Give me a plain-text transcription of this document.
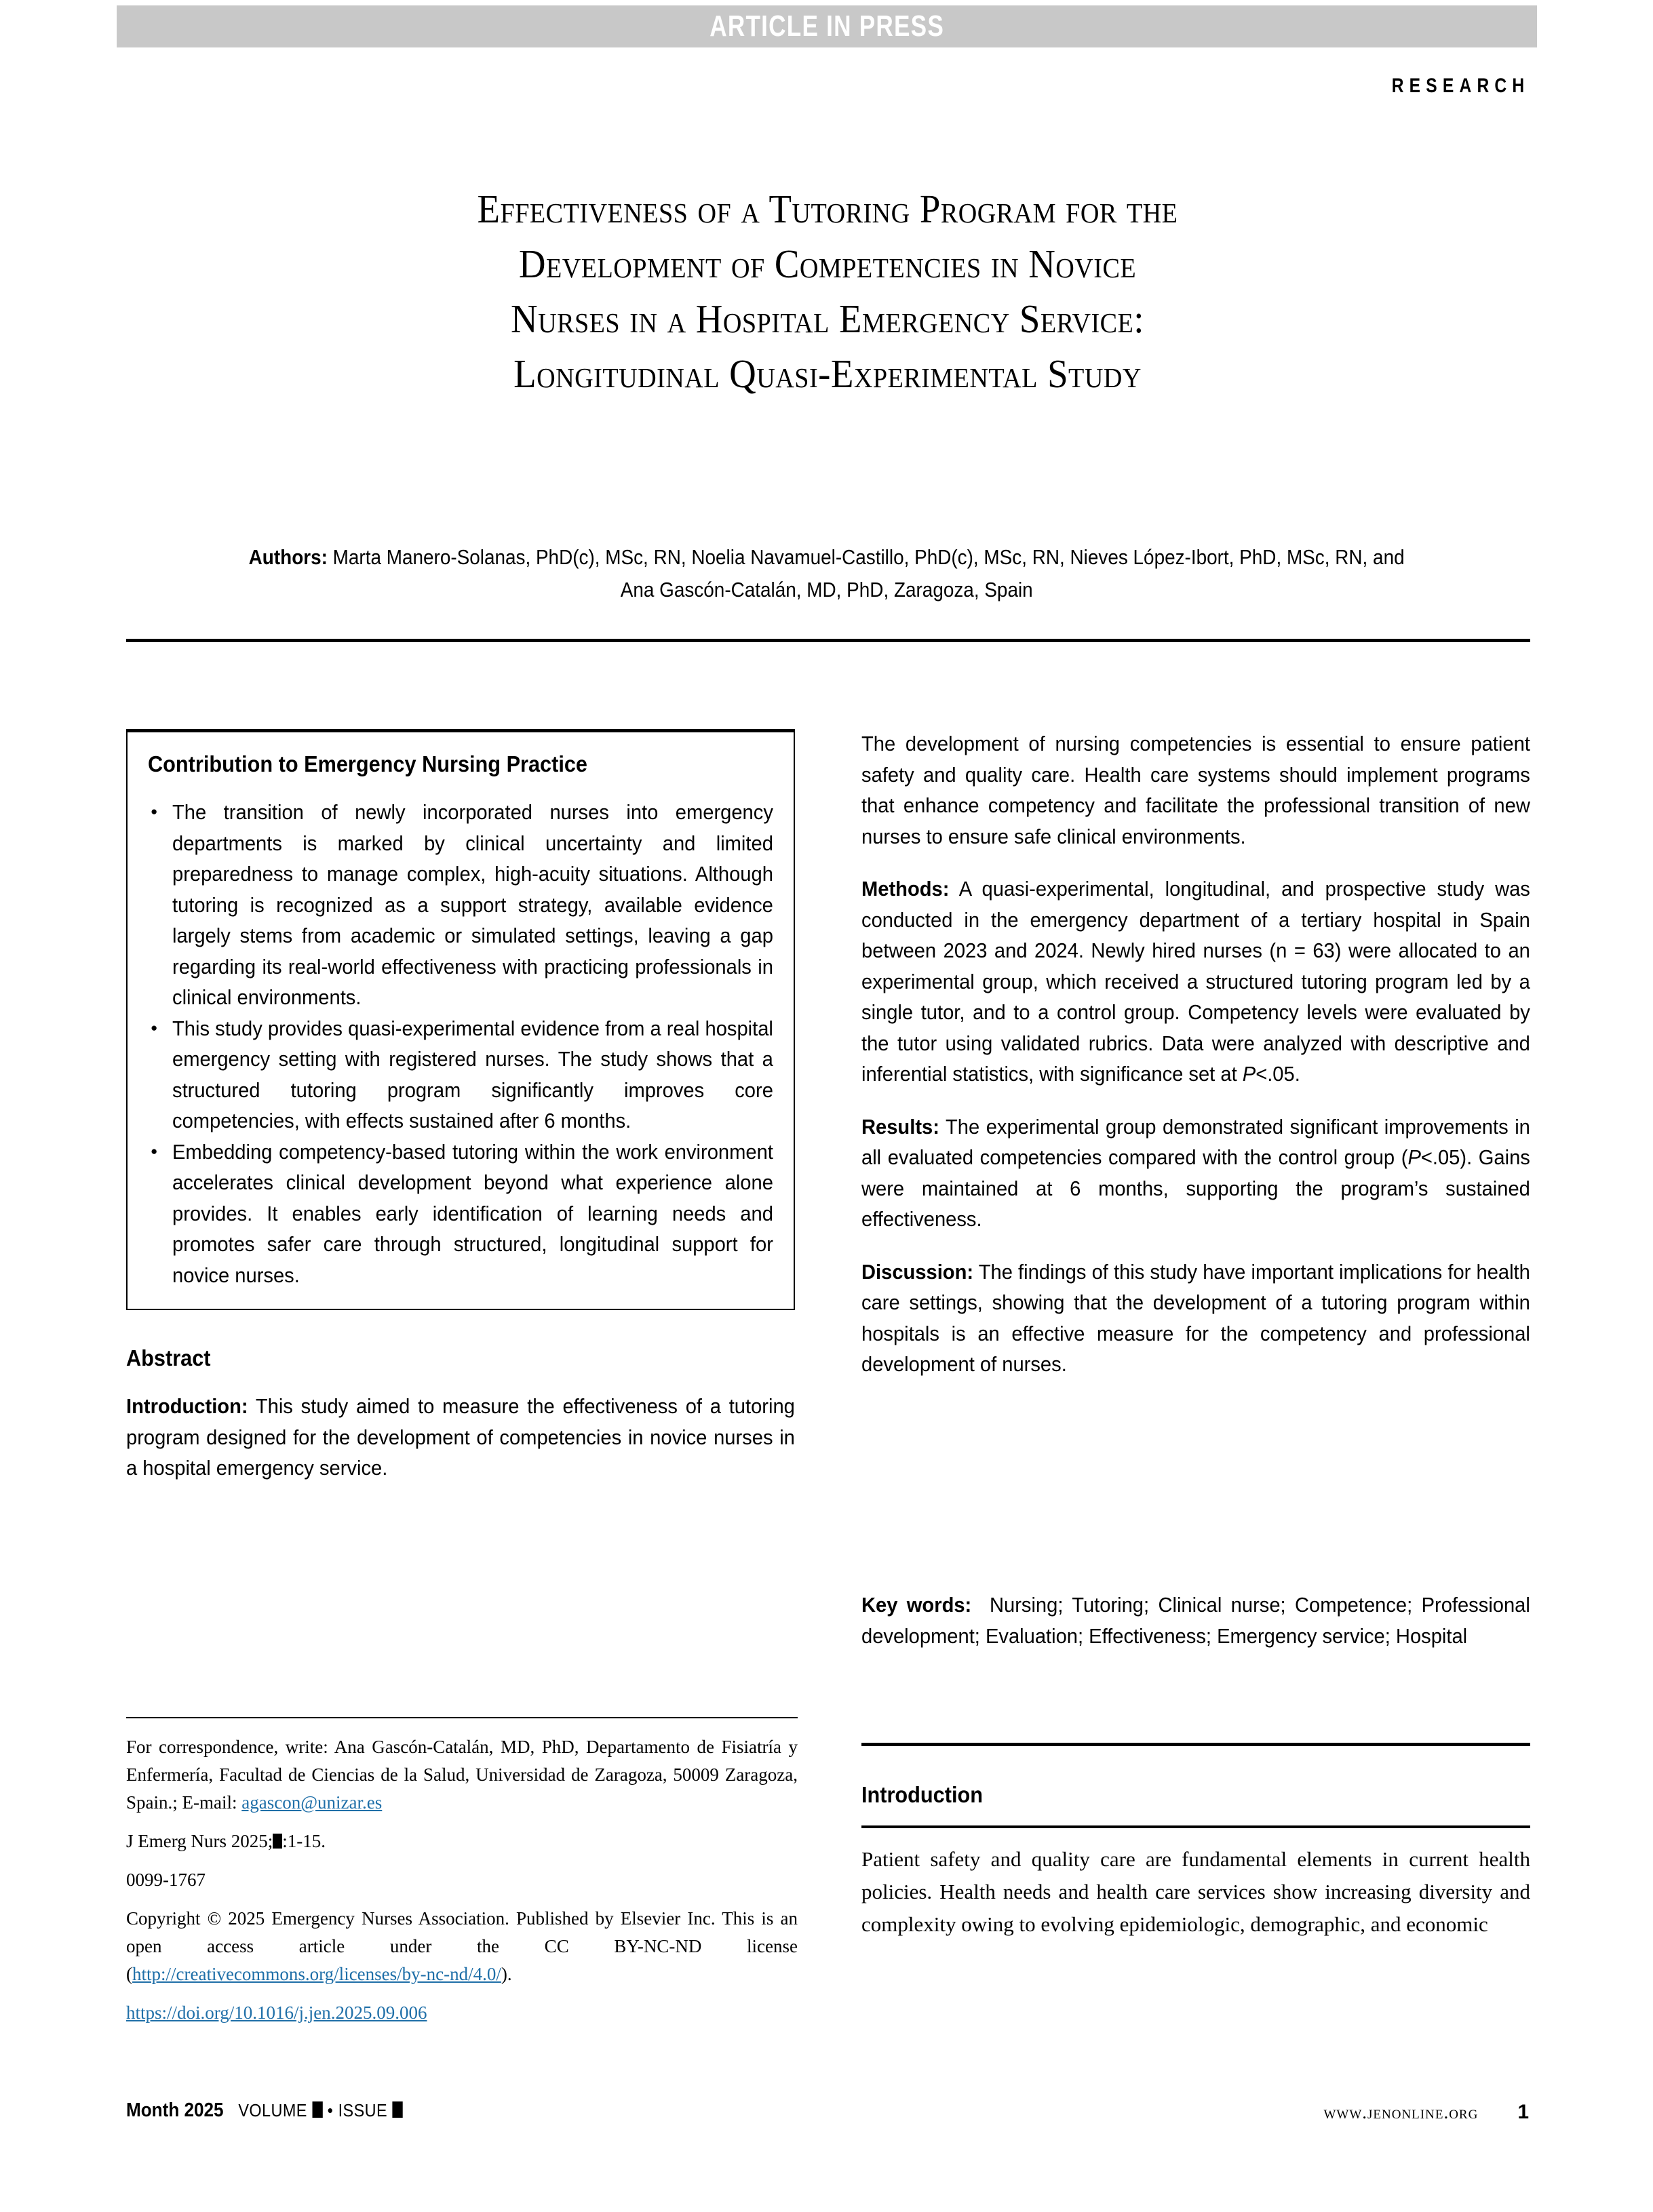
ARTICLE IN PRESS
RESEARCH
Effectiveness of a Tutoring Program for the
Development of Competencies in Novice
Nurses in a Hospital Emergency Service:
Longitudinal Quasi-Experimental Study
Authors: Marta Manero-Solanas, PhD(c), MSc, RN, Noelia Navamuel-Castillo, PhD(c), MSc, RN, Nieves López-Ibort, PhD, MSc, RN, and
Ana Gascón-Catalán, MD, PhD, Zaragoza, Spain
Contribution to Emergency Nursing Practice
● The transition of newly incorporated nurses into emergency departments is marked by clinical uncertainty and limited preparedness to manage complex, high-acuity situations. Although tutoring is recognized as a support strategy, available evidence largely stems from academic or simulated settings, leaving a gap regarding its real-world effectiveness with practicing professionals in clinical environments.
● This study provides quasi-experimental evidence from a real hospital emergency setting with registered nurses. The study shows that a structured tutoring program significantly improves core competencies, with effects sustained after 6 months.
● Embedding competency-based tutoring within the work environment accelerates clinical development beyond what experience alone provides. It enables early identification of learning needs and promotes safer care through structured, longitudinal support for novice nurses.
Abstract
Introduction: This study aimed to measure the effectiveness of a tutoring program designed for the development of competencies in novice nurses in a hospital emergency service.

For correspondence, write: Ana Gascón-Catalán, MD, PhD, Departamento de Fisiatría y Enfermería, Facultad de Ciencias de la Salud, Universidad de Zaragoza, 50009 Zaragoza, Spain.; E-mail: agascon@unizar.es

J Emerg Nurs 2025; :1-15.

0099-1767

Copyright © 2025 Emergency Nurses Association. Published by Elsevier Inc. This is an open access article under the CC BY-NC-ND license (http://creativecommons.org/licenses/by-nc-nd/4.0/).

https://doi.org/10.1016/j.jen.2025.09.006

The development of nursing competencies is essential to ensure patient safety and quality care. Health care systems should implement programs that enhance competency and facilitate the professional transition of new nurses to ensure safe clinical environments.

Methods: A quasi-experimental, longitudinal, and prospective study was conducted in the emergency department of a tertiary hospital in Spain between 2023 and 2024. Newly hired nurses (n = 63) were allocated to an experimental group, which received a structured tutoring program led by a single tutor, and to a control group. Competency levels were evaluated by the tutor using validated rubrics. Data were analyzed with descriptive and inferential statistics, with significance set at P<.05.

Results: The experimental group demonstrated significant improvements in all evaluated competencies compared with the control group (P<.05). Gains were maintained at 6 months, supporting the program’s sustained effectiveness.

Discussion: The findings of this study have important implications for health care settings, showing that the development of a tutoring program within hospitals is an effective measure for the competency and professional development of nurses.

Key words: Nursing; Tutoring; Clinical nurse; Competence; Professional development; Evaluation; Effectiveness; Emergency service; Hospital
Introduction
Patient safety and quality care are fundamental elements in current health policies. Health needs and health care services show increasing diversity and complexity owing to evolving epidemiologic, demographic, and economic
Month 2025 VOLUME • ISSUE	www.jenonline.org 1
